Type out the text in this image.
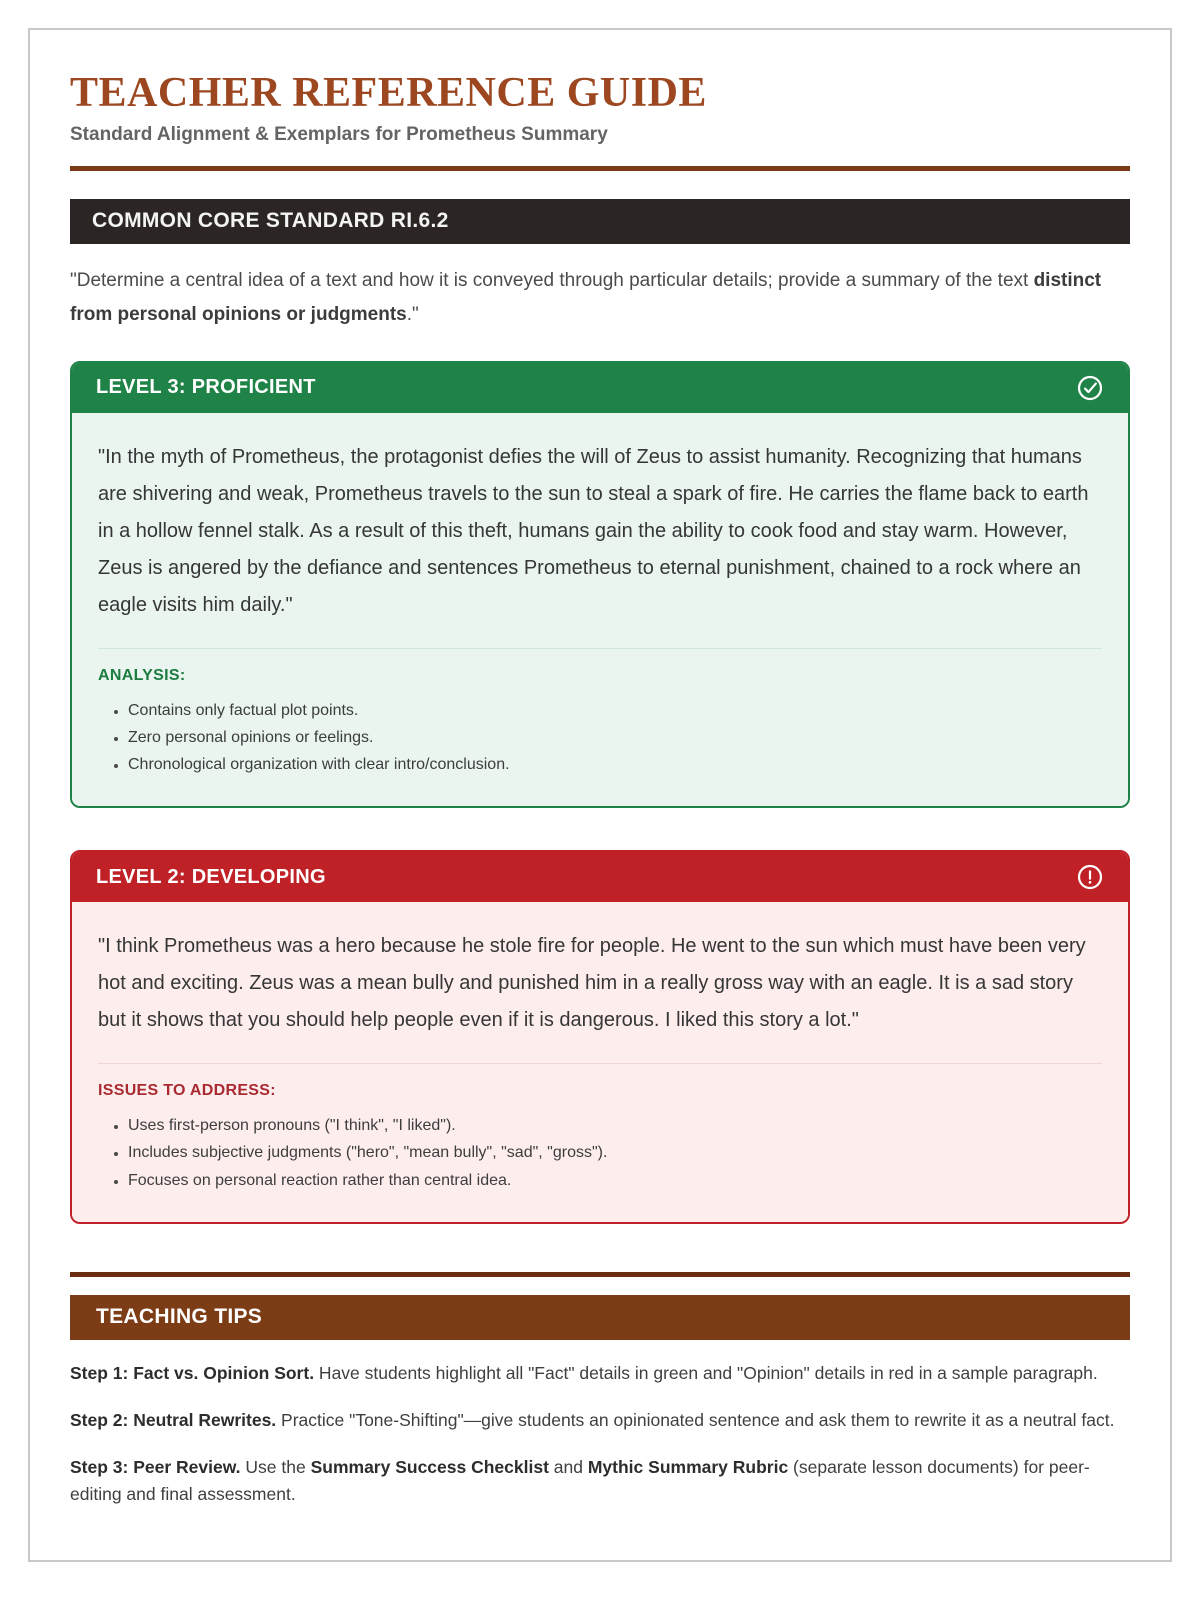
TEACHER REFERENCE GUIDE
Standard Alignment & Exemplars for Prometheus Summary
COMMON CORE STANDARD RI.6.2

"Determine a central idea of a text and how it is conveyed through particular details; provide a summary of the text distinct from personal opinions or judgments."

LEVEL 3: PROFICIENT

"In the myth of Prometheus, the protagonist defies the will of Zeus to assist humanity. Recognizing that humans are shivering and weak, Prometheus travels to the sun to steal a spark of fire. He carries the flame back to earth in a hollow fennel stalk. As a result of this theft, humans gain the ability to cook food and stay warm. However, Zeus is angered by the defiance and sentences Prometheus to eternal punishment, chained to a rock where an eagle visits him daily."

ANALYSIS:
• Contains only factual plot points.
• Zero personal opinions or feelings.
• Chronological organization with clear intro/conclusion.
LEVEL 2: DEVELOPING

"I think Prometheus was a hero because he stole fire for people. He went to the sun which must have been very hot and exciting. Zeus was a mean bully and punished him in a really gross way with an eagle. It is a sad story but it shows that you should help people even if it is dangerous. I liked this story a lot."

ISSUES TO ADDRESS:
• Uses first-person pronouns ("I think", "I liked").
• Includes subjective judgments ("hero", "mean bully", "sad", "gross").
• Focuses on personal reaction rather than central idea.
TEACHING TIPS

Step 1: Fact vs. Opinion Sort. Have students highlight all "Fact" details in green and "Opinion" details in red in a sample paragraph.

Step 2: Neutral Rewrites. Practice "Tone-Shifting"—give students an opinionated sentence and ask them to rewrite it as a neutral fact.

Step 3: Peer Review. Use the Summary Success Checklist and Mythic Summary Rubric (separate lesson documents) for peer-editing and final assessment.
